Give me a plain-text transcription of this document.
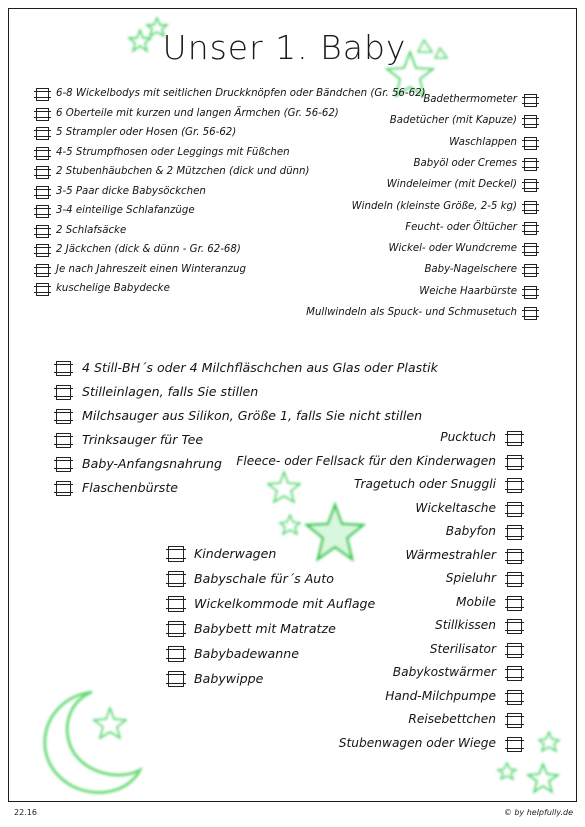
Unser 1. Baby
6-8 Wickelbodys mit seitlichen Druckknöpfen oder Bändchen (Gr. 56-62)
6 Oberteile mit kurzen und langen Ärmchen (Gr. 56-62)
5 Strampler oder Hosen (Gr. 56-62)
4-5 Strumpfhosen oder Leggings mit Füßchen
2 Stubenhäubchen & 2 Mützchen (dick und dünn)
3-5 Paar dicke Babysöckchen
3-4 einteilige Schlafanzüge
2 Schlafsäcke
2 Jäckchen (dick & dünn - Gr. 62-68)
Je nach Jahreszeit einen Winteranzug
kuschelige Babydecke
Badethermometer
Badetücher (mit Kapuze)
Waschlappen
Babyöl oder Cremes
Windeleimer (mit Deckel)
Windeln (kleinste Größe, 2-5 kg)
Feucht- oder Öltücher
Wickel- oder Wundcreme
Baby-Nagelschere
Weiche Haarbürste
Mullwindeln als Spuck- und Schmusetuch
4 Still-BH´s oder 4 Milchfläschchen aus Glas oder Plastik
Stilleinlagen, falls Sie stillen
Milchsauger aus Silikon, Größe 1, falls Sie nicht stillen
Trinksauger für Tee
Baby-Anfangsnahrung
Flaschenbürste
Pucktuch
Fleece- oder Fellsack für den Kinderwagen
Tragetuch oder Snuggli
Wickeltasche
Babyfon
Wärmestrahler
Spieluhr
Mobile
Stillkissen
Sterilisator
Babykostwärmer
Hand-Milchpumpe
Reisebettchen
Stubenwagen oder Wiege
Kinderwagen
Babyschale für´s Auto
Wickelkommode mit Auflage
Babybett mit Matratze
Babybadewanne
Babywippe
22.16	© by helpfully.de
